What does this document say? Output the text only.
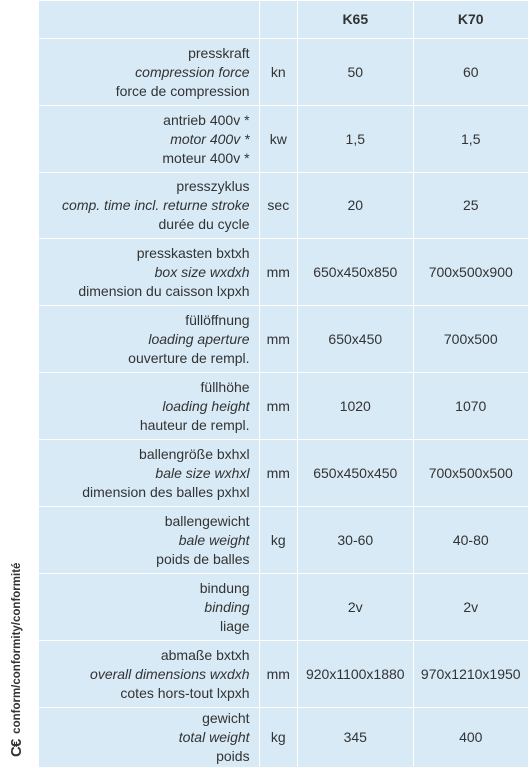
C€
conform/conformity/conformité
		K65	K70

presskraft
compression force
force de compression	kn	50	60

antrieb 400v *
motor 400v *
moteur 400v *	kw	1,5	1,5

presszyklus
comp. time incl. returne stroke
durée du cycle	sec	20	25

presskasten bxtxh
box size wxdxh
dimension du caisson lxpxh	mm	650x450x850	700x500x900

füllöffnung
loading aperture
ouverture de rempl.	mm	650x450	700x500

füllhöhe
loading height
hauteur de rempl.	mm	1020	1070

ballengröße bxhxl
bale size wxhxl
dimension des balles pxhxl	mm	650x450x450	700x500x500

ballengewicht
bale weight
poids de balles	kg	30-60	40-80

bindung
binding
liage		2v	2v

abmaße bxtxh
overall dimensions wxdxh
cotes hors-tout lxpxh	mm	920x1100x1880	970x1210x1950

gewicht
total weight
poids	kg	345	400
